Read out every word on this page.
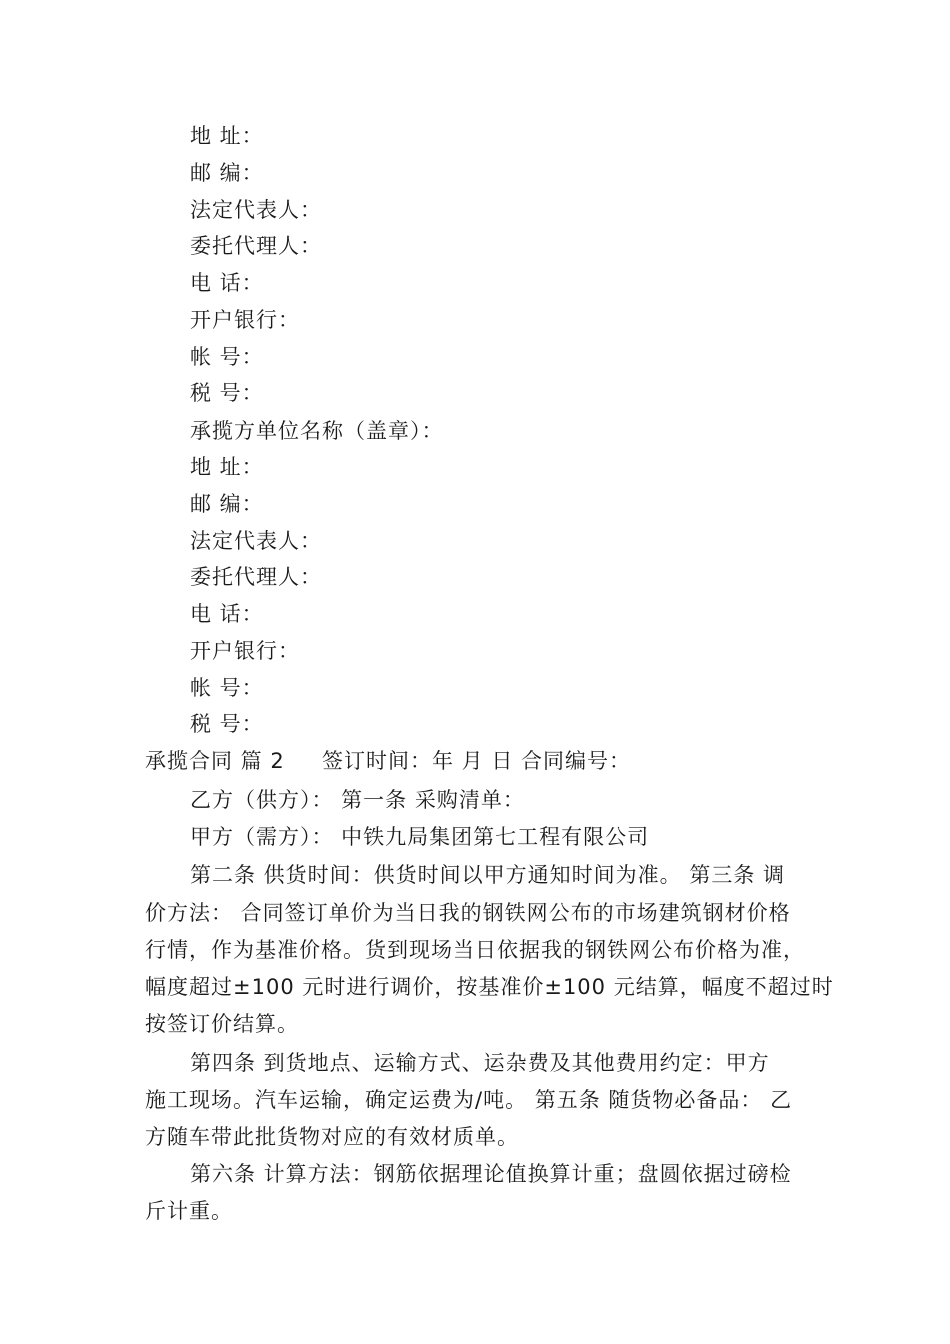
地 址：
邮 编：
法定代表人：
委托代理人：
电 话：
开户银行：
帐 号：
税 号：
承揽方单位名称（盖章）：
地 址：
邮 编：
法定代表人：
委托代理人：
电 话：
开户银行：
帐 号：
税 号：
承揽合同 篇 2 签订时间：年 月 日 合同编号：
乙方（供方）： 第一条 采购清单：
甲方（需方）： 中铁九局集团第七工程有限公司
第二条 供货时间：供货时间以甲方通知时间为准。 第三条 调
价方法： 合同签订单价为当日我的钢铁网公布的市场建筑钢材价格
行情，作为基准价格。货到现场当日依据我的钢铁网公布价格为准，
幅度超过±100 元时进行调价，按基准价±100 元结算，幅度不超过时
按签订价结算。
第四条 到货地点、运输方式、运杂费及其他费用约定：甲方
施工现场。汽车运输，确定运费为/吨。 第五条 随货物必备品： 乙
方随车带此批货物对应的有效材质单。
第六条 计算方法：钢筋依据理论值换算计重；盘圆依据过磅检
斤计重。
